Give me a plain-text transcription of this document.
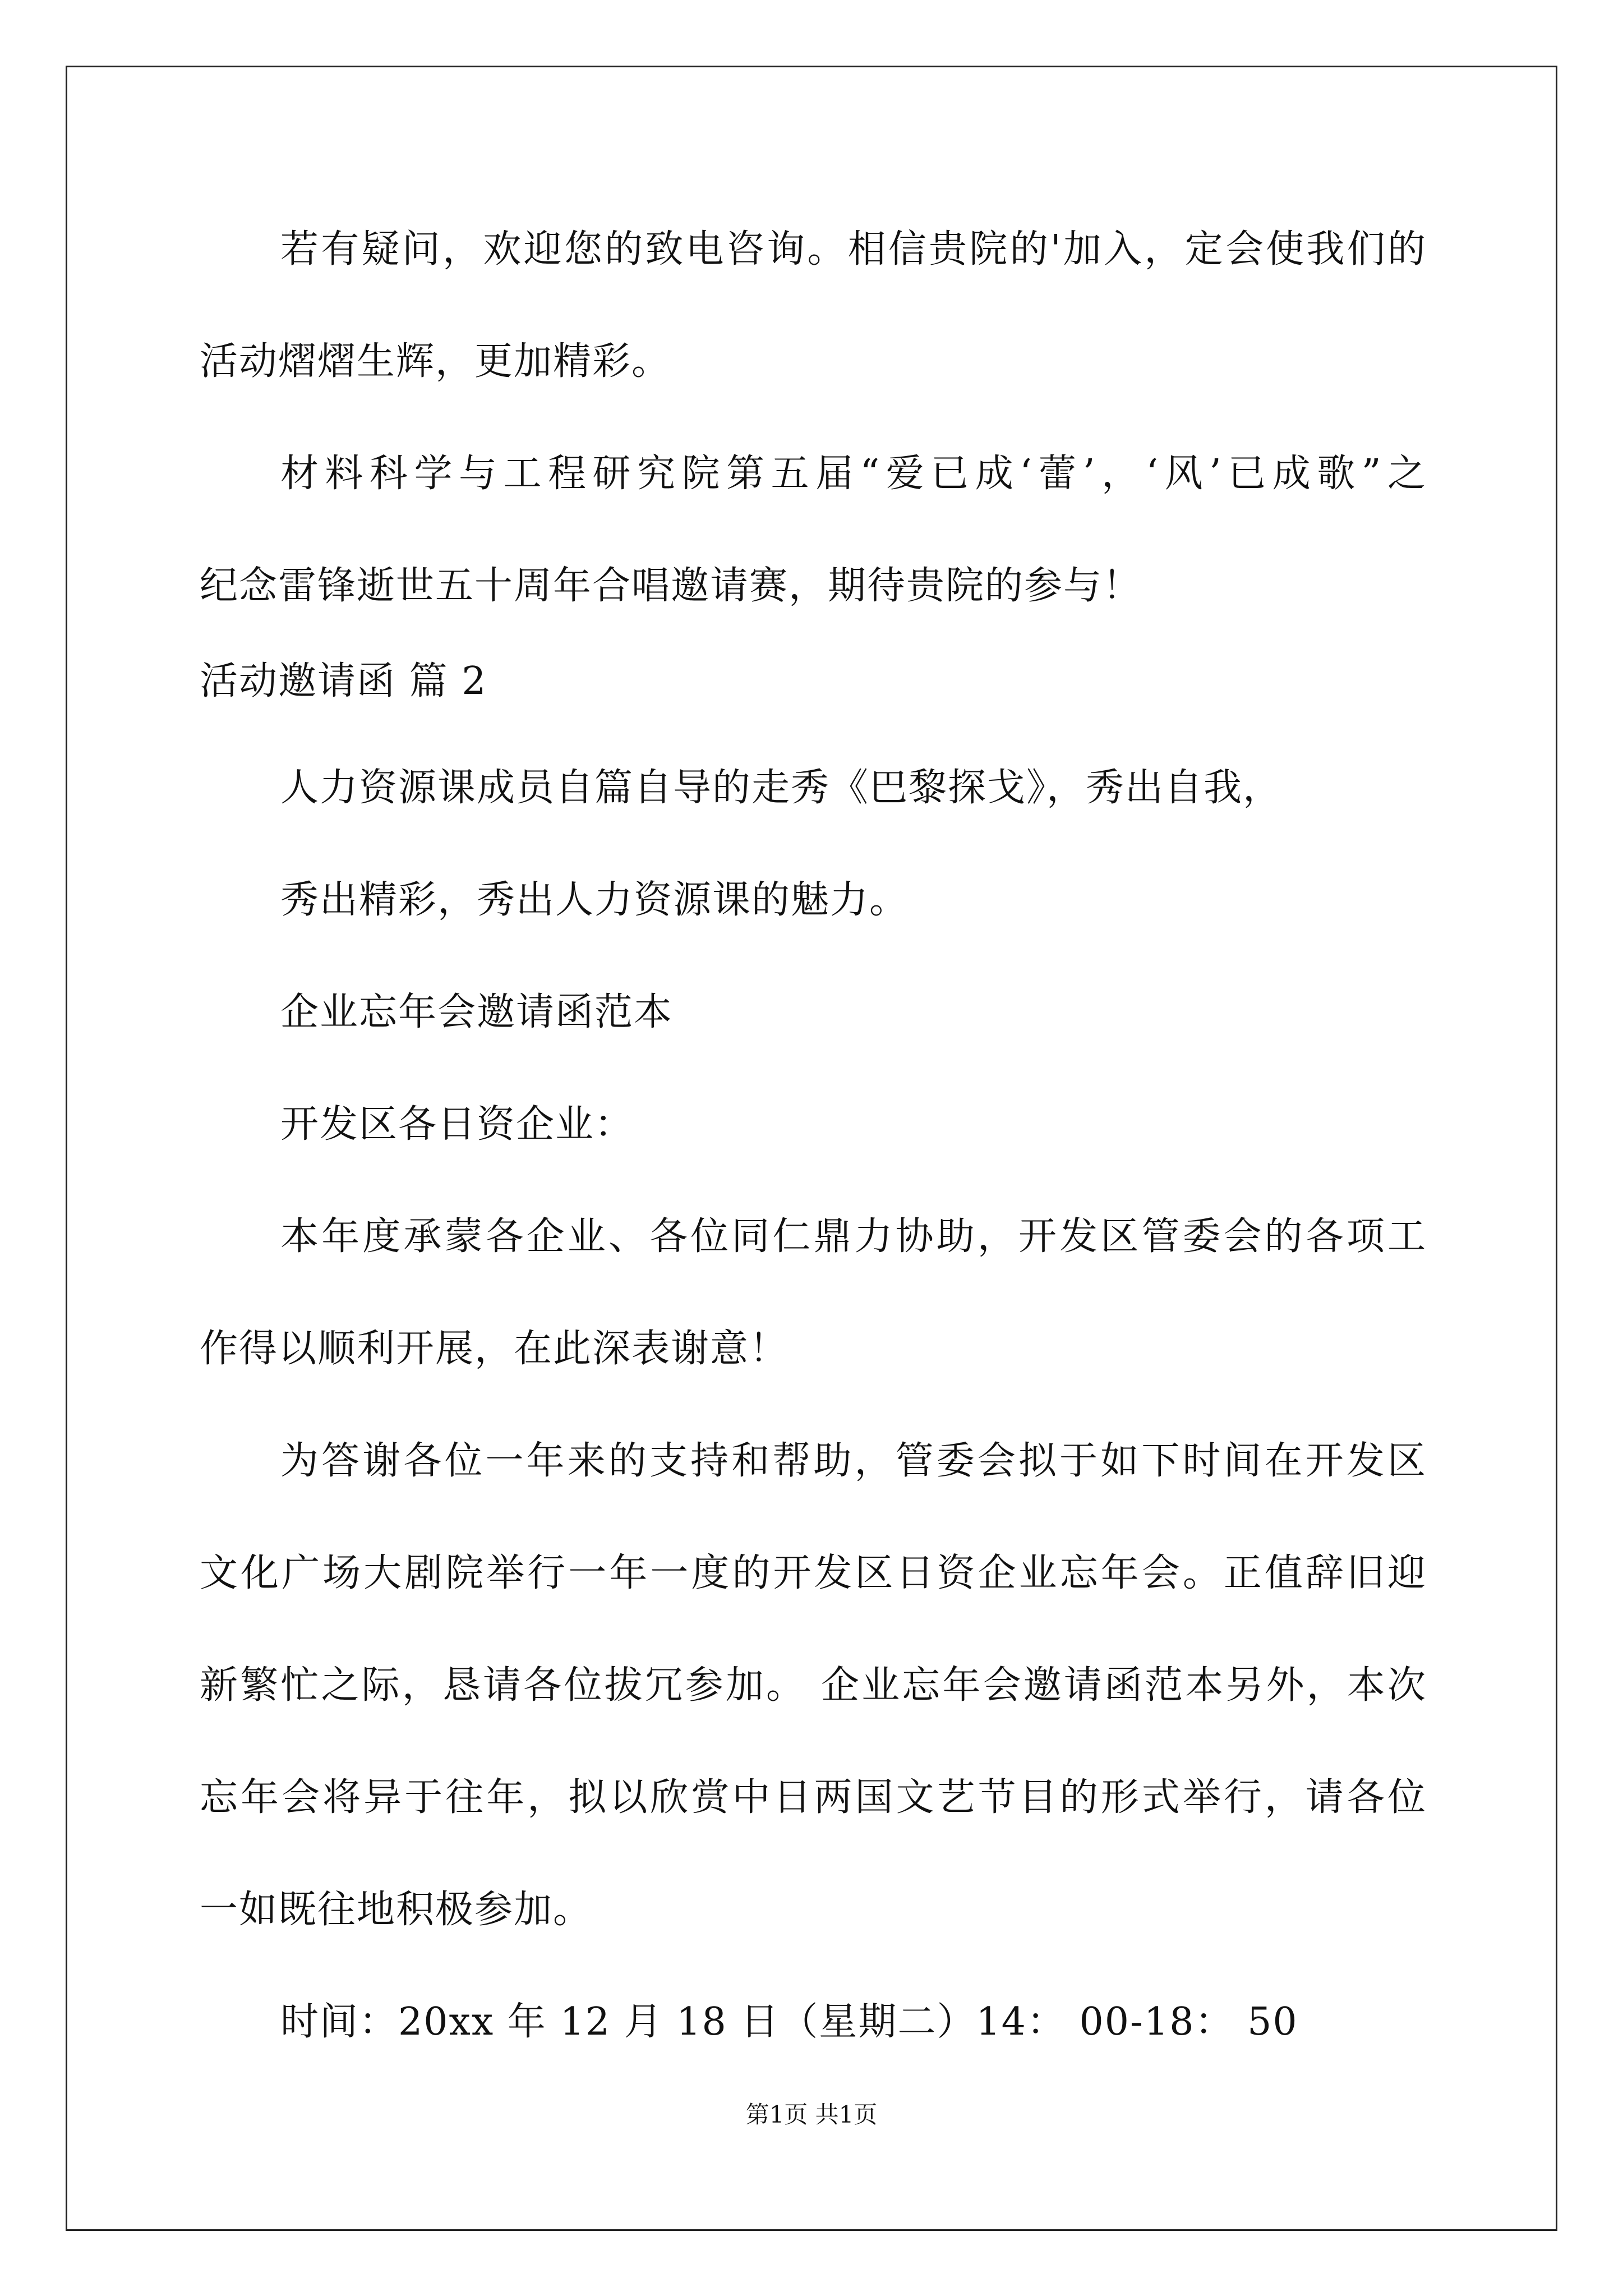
若有疑问，欢迎您的致电咨询。相信贵院的'加入，定会使我们的
活动熠熠生辉，更加精彩。
材料科学与工程研究院第五届“爱已成‘蕾’，‘风’已成歌”之
纪念雷锋逝世五十周年合唱邀请赛，期待贵院的参与！
活动邀请函 篇 2
人力资源课成员自篇自导的走秀《巴黎探戈》，秀出自我，
秀出精彩，秀出人力资源课的魅力。
企业忘年会邀请函范本
开发区各日资企业：
本年度承蒙各企业、各位同仁鼎力协助，开发区管委会的各项工
作得以顺利开展，在此深表谢意！
为答谢各位一年来的支持和帮助，管委会拟于如下时间在开发区
文化广场大剧院举行一年一度的开发区日资企业忘年会。正值辞旧迎
新繁忙之际，恳请各位拔冗参加。 企业忘年会邀请函范本另外，本次
忘年会将异于往年，拟以欣赏中日两国文艺节目的形式举行，请各位
一如既往地积极参加。
时间：20xx 年 12 月 18 日（星期二）14： 00-18： 50
第1页 共1页
